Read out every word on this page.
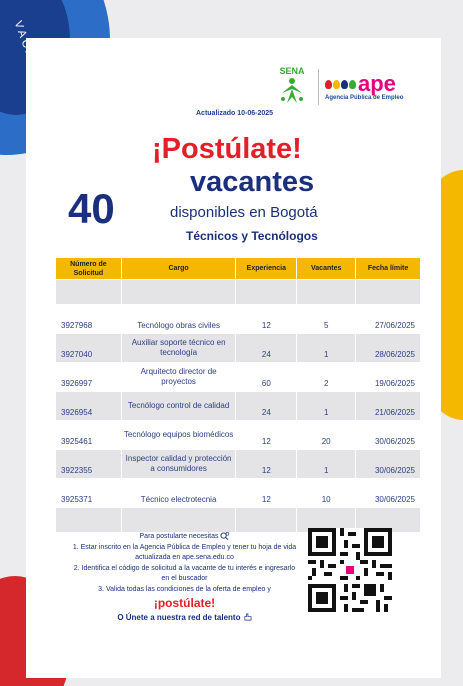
SENA ape
Agencia Pública de Empleo
Actualizado 10-06-2025
¡Postúlate!
40
vacantes
disponibles en Bogotá
Técnicos y Tecnólogos
Número de Solicitud	Cargo	Experiencia	Vacantes	Fecha límite

3927968	Tecnólogo obras civiles	12	5	27/06/2025
3927040	Auxiliar soporte técnico en tecnología	24	1	28/06/2025
3926997	Arquitecto director de proyectos	60	2	19/06/2025
3926954	Tecnólogo control de calidad	24	1	21/06/2025
3925461	Tecnólogo equipos biomédicos	12	20	30/06/2025
3922355	Inspector calidad y protección a consumidores	12	1	30/06/2025
3925371	Técnico electrotecnia	12	10	30/06/2025

Para postularte necesitas
1. Estar inscrito en la Agencia Pública de Empleo y tener tu hoja de vida actualizada en ape.sena.edu.co
2. Identifica el código de solicitud a la vacante de tu interés e ingresarlo en el buscador
3. Valida todas las condiciones de la oferta de empleo y
¡postúlate!
O Únete a nuestra red de talento
